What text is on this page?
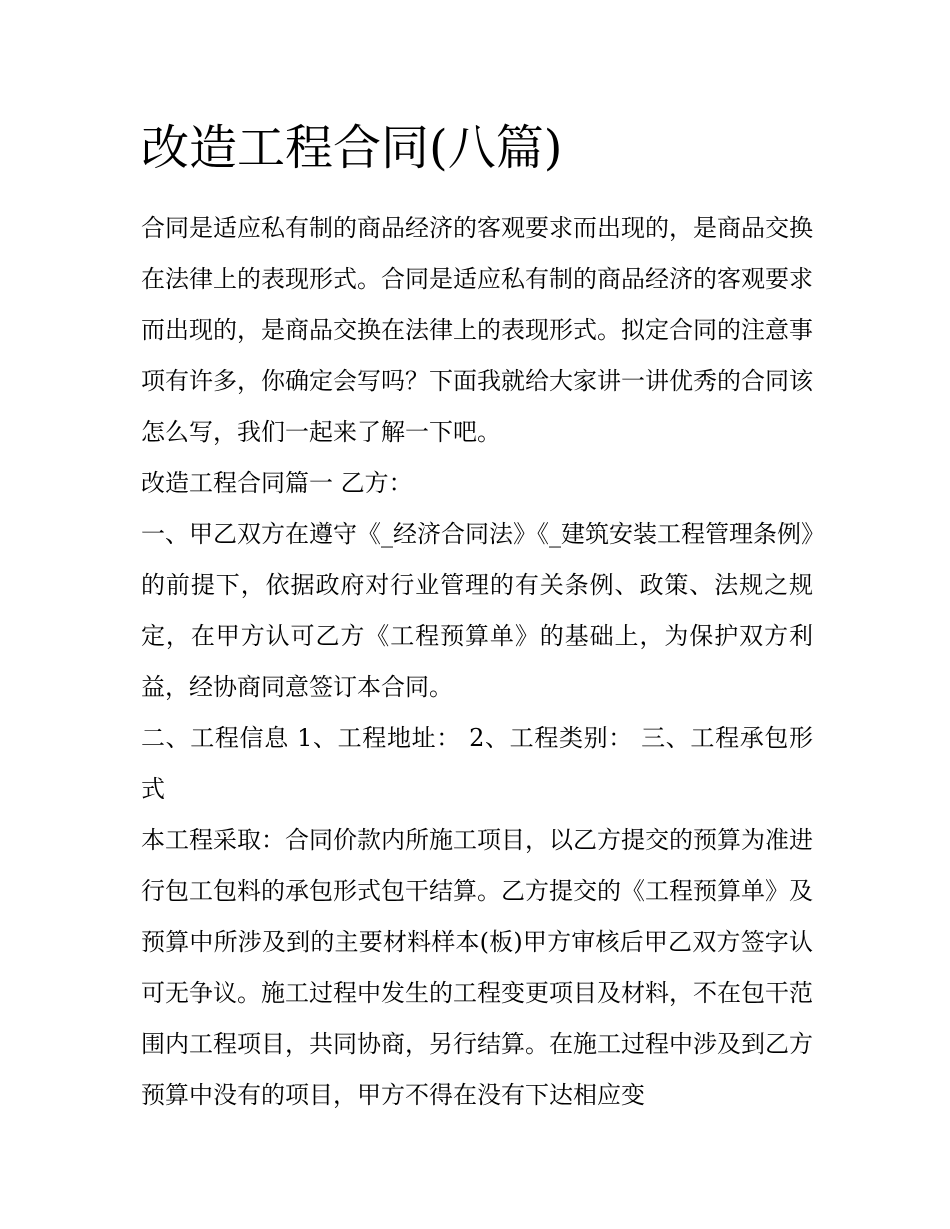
改造工程合同(八篇)

合同是适应私有制的商品经济的客观要求而出现的，是商品交换在法律上的表现形式。合同是适应私有制的商品经济的客观要求而出现的，是商品交换在法律上的表现形式。拟定合同的注意事项有许多，你确定会写吗？下面我就给大家讲一讲优秀的合同该怎么写，我们一起来了解一下吧。

改造工程合同篇一 乙方：

一、甲乙双方在遵守《_经济合同法》《_建筑安装工程管理条例》的前提下，依据政府对行业管理的有关条例、政策、法规之规定，在甲方认可乙方《工程预算单》的基础上，为保护双方利益，经协商同意签订本合同。

二、工程信息 1、工程地址： 2、工程类别： 三、工程承包形式

本工程采取：合同价款内所施工项目，以乙方提交的预算为准进行包工包料的承包形式包干结算。乙方提交的《工程预算单》及预算中所涉及到的主要材料样本(板)甲方审核后甲乙双方签字认可无争议。施工过程中发生的工程变更项目及材料，不在包干范围内工程项目，共同协商，另行结算。在施工过程中涉及到乙方预算中没有的项目，甲方不得在没有下达相应变
